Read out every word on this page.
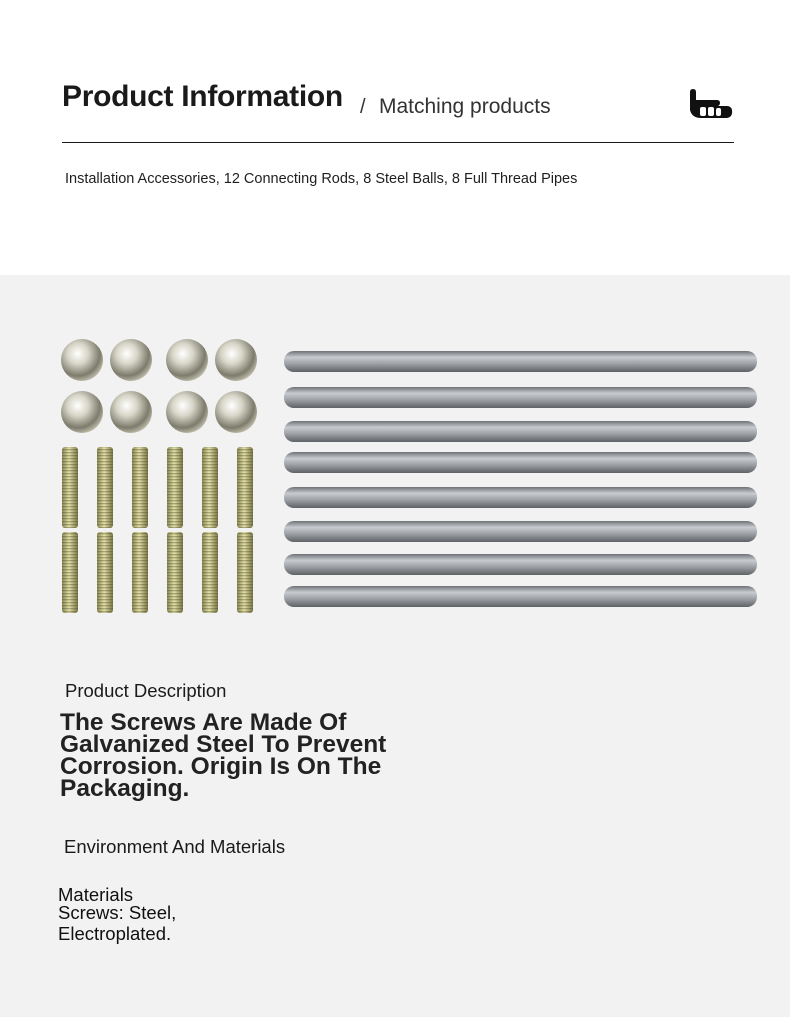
Product Information / Matching products
Installation Accessories, 12 Connecting Rods, 8 Steel Balls, 8 Full Thread Pipes
Product Description

The Screws Are Made Of Galvanized Steel To Prevent Corrosion. Origin Is On The Packaging.

Environment And Materials
Materials
Screws: Steel, Electroplated.
